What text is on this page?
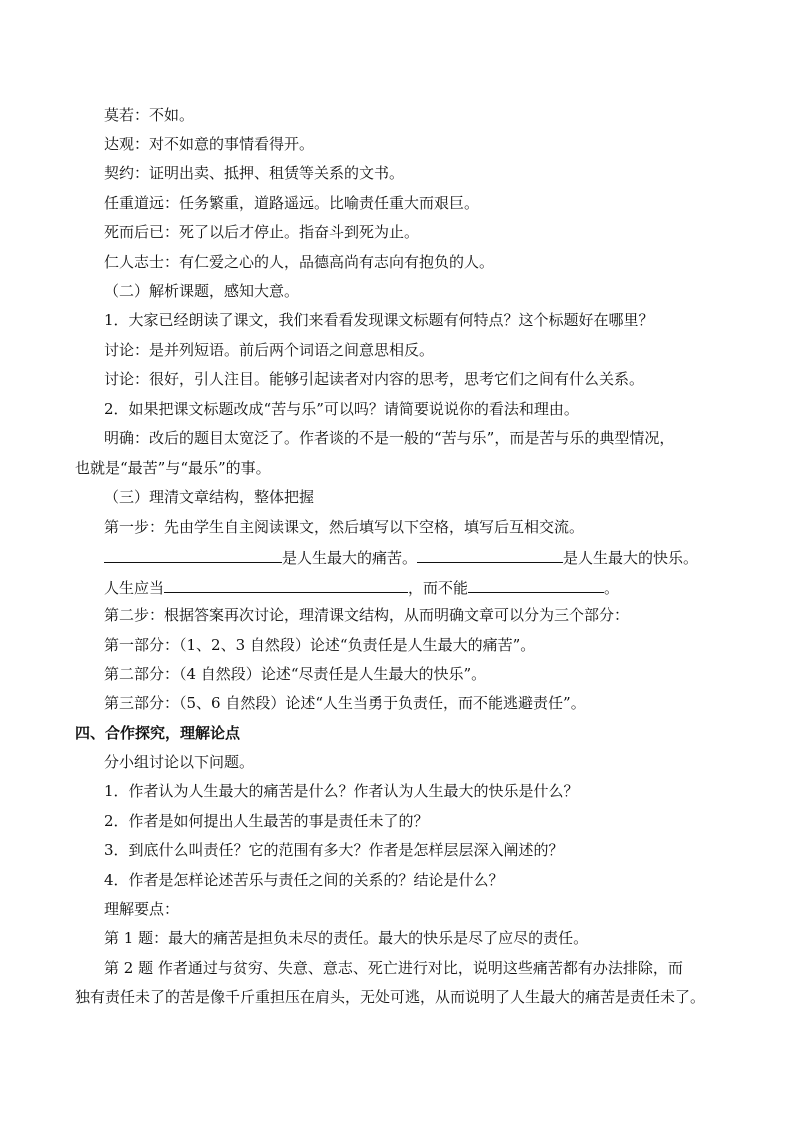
莫若：不如。
达观：对不如意的事情看得开。
契约：证明出卖、抵押、租赁等关系的文书。
任重道远：任务繁重，道路遥远。比喻责任重大而艰巨。
死而后已：死了以后才停止。指奋斗到死为止。
仁人志士：有仁爱之心的人，品德高尚有志向有抱负的人。
（二）解析课题，感知大意。
1．大家已经朗读了课文，我们来看看发现课文标题有何特点？这个标题好在哪里？
讨论：是并列短语。前后两个词语之间意思相反。
讨论：很好，引人注目。能够引起读者对内容的思考，思考它们之间有什么关系。
2．如果把课文标题改成“苦与乐”可以吗？请简要说说你的看法和理由。
明确：改后的题目太宽泛了。作者谈的不是一般的“苦与乐”，而是苦与乐的典型情况，
也就是“最苦”与“最乐”的事。
（三）理清文章结构，整体把握
第一步：先由学生自主阅读课文，然后填写以下空格，填写后互相交流。
是人生最大的痛苦。	是人生最大的快乐。
人生应当	，而不能	。
第二步：根据答案再次讨论，理清课文结构，从而明确文章可以分为三个部分：
第一部分：（1、2、3 自然段）论述“负责任是人生最大的痛苦”。
第二部分：（4 自然段）论述“尽责任是人生最大的快乐”。
第三部分：（5、6 自然段）论述“人生当勇于负责任，而不能逃避责任”。
四、合作探究，理解论点
分小组讨论以下问题。
1．作者认为人生最大的痛苦是什么？作者认为人生最大的快乐是什么？
2．作者是如何提出人生最苦的事是责任未了的？
3．到底什么叫责任？它的范围有多大？作者是怎样层层深入阐述的？
4．作者是怎样论述苦乐与责任之间的关系的？结论是什么？
理解要点：
第 1 题：最大的痛苦是担负未尽的责任。最大的快乐是尽了应尽的责任。
第 2 题 作者通过与贫穷、失意、意志、死亡进行对比，说明这些痛苦都有办法排除，而
独有责任未了的苦是像千斤重担压在肩头，无处可逃，从而说明了人生最大的痛苦是责任未了。
